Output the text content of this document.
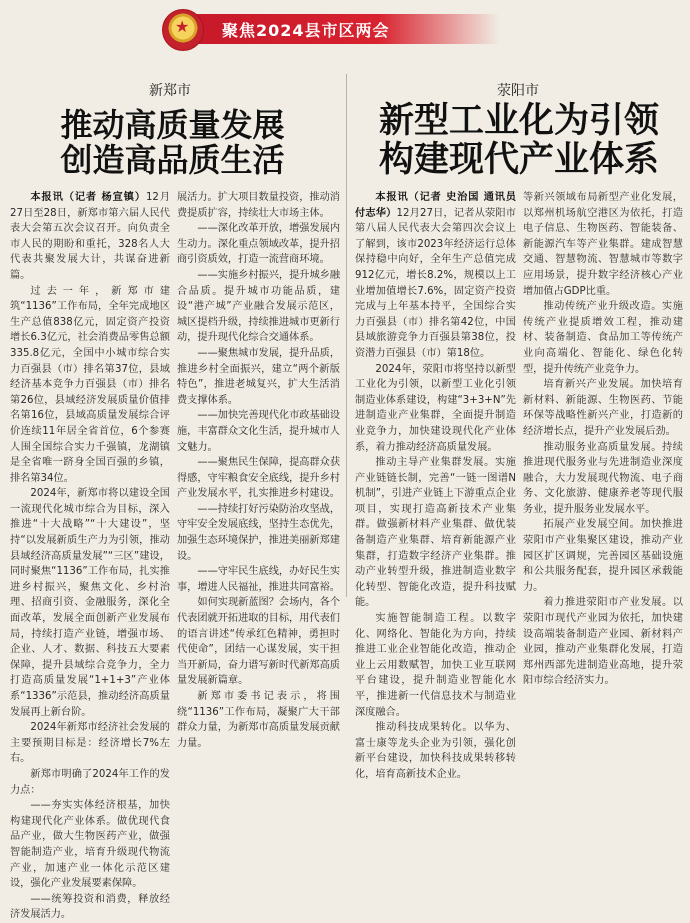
★
聚焦2024县市区两会
新郑市
推动高质量发展
创造高品质生活
荥阳市
新型工业化为引领
构建现代产业体系

本报讯（记者 杨宣镇）12月27日至28日，新郑市第六届人民代表大会第五次会议召开。向负责全市人民的期盼和重托，328名人大代表共聚发展大计，共谋奋进新篇。

过去一年，新郑市建筑“1136”工作布局，全年完成地区生产总值838亿元，固定资产投资增长6.3亿元，社会消费品零售总额335.8亿元，全国中小城市综合实力百强县（市）排名第37位，县域经济基本竞争力百强县（市）排名第26位，县域经济发展质量价值排名第16位，县域高质量发展综合评价连续11年居全省首位，6个参赛人围全国综合实力千强镇，龙湖镇是全省唯一跻身全国百强的乡镇，排名第34位。

2024年，新郑市将以建设全国一流现代化城市综合为目标，深入推进“十大战略”“十大建设”，坚持“以发展新质生产力为引领，推动县域经济高质量发展”“三区”建设，同时聚焦“1136”工作布局，扎实推进乡村振兴，聚焦文化、乡村治理、招商引资、金融服务，深化全面改革，发展全面创新产业发展布局，持续打造产业链，增强市场、企业、人才、数据、科技五大要素保障，提升县域综合竞争力，全力打造高质量发展“1+1+3”产业体系“1336”示范县，推动经济高质量发展再上新台阶。

2024年新郑市经济社会发展的主要预期目标是：经济增长7%左右。

新郑市明确了2024年工作的发力点：

——夯实实体经济根基，加快构建现代化产业体系。做优现代食品产业，做大生物医药产业，做强智能制造产业，培育升级现代物流产业，加速产业一体化示范区建设，强化产业发展要素保障。

——统筹投资和消费，释放经济发展活力。

展活力。扩大项目数量投资，推动消费提质扩容，持续壮大市场主体。

——深化改革开放，增强发展内生动力。深化重点领域改革，提升招商引资质效，打造一流营商环境。

——实施乡村振兴，提升城乡融合品质。提升城市功能品质，建设“港产城”产业融合发展示范区，城区提档升级，持续推进城市更新行动，提升现代化综合交通体系。

——聚焦城市发展，提升品质，推进乡村全面振兴，建立“两个新版特色”，推进老城复兴，扩大生活消费支撑体系。

——加快完善现代化市政基础设施，丰富群众文化生活，提升城市人文魅力。

——聚焦民生保障，提高群众获得感，守牢粮食安全底线，提升乡村产业发展水平，扎实推进乡村建设。

——持续打好污染防治攻坚战，守牢安全发展底线，坚持生态优先，加强生态环境保护，推进美丽新郑建设。

——守牢民生底线，办好民生实事，增进人民福祉，推进共同富裕。

如何实现新蓝图？会场内，各个代表团就开拓进取的目标，用代表们的语言讲述“传承红色精神，勇担时代使命”，团结一心谋发展，实干担当开新局，奋力谱写新时代新郑高质量发展新篇章。

新郑市委书记表示，将围绕“1136”工作布局，凝聚广大干部群众力量，为新郑市高质量发展贡献力量。

本报讯（记者 史治国 通讯员 付志华）12月27日，记者从荥阳市第八届人民代表大会第四次会议上了解到，该市2023年经济运行总体保持稳中向好，全年生产总值完成912亿元，增长8.2%，规模以上工业增加值增长7.6%，固定资产投资完成与上年基本持平，全国综合实力百强县（市）排名第42位，中国县域旅游竞争力百强县第38位，投资潜力百强县（市）第18位。

2024年，荥阳市将坚持以新型工业化为引领，以新型工业化引领制造业体系建设，构建“3+3+N”先进制造业产业集群，全面提升制造业竞争力，加快建设现代化产业体系，着力推动经济高质量发展。

推动主导产业集群发展。实施产业链链长制，完善“一链一图谱N机制”，引进产业链上下游重点企业项目，实现打造高新技术产业集群。做强新材料产业集群、做优装备制造产业集群、培育新能源产业集群，打造数字经济产业集群。推动产业转型升级，推进制造业数字化转型、智能化改造，提升科技赋能。

实施智能制造工程。以数字化、网络化、智能化为方向，持续推进工业企业智能化改造，推动企业上云用数赋智，加快工业互联网平台建设，提升制造业智能化水平，推进新一代信息技术与制造业深度融合。

推动科技成果转化。以华为、富士康等龙头企业为引领，强化创新平台建设，加快科技成果转移转化，培育高新技术企业。

等新兴领域布局新型产业化发展，以郑州机场航空港区为依托，打造电子信息、生物医药、智能装备、新能源汽车等产业集群。建成智慧交通、智慧物流、智慧城市等数字应用场景，提升数字经济核心产业增加值占GDP比重。

推动传统产业升级改造。实施传统产业提质增效工程，推动建材、装备制造、食品加工等传统产业向高端化、智能化、绿色化转型，提升传统产业竞争力。

培育新兴产业发展。加快培育新材料、新能源、生物医药、节能环保等战略性新兴产业，打造新的经济增长点，提升产业发展后劲。

推动服务业高质量发展。持续推进现代服务业与先进制造业深度融合，大力发展现代物流、电子商务、文化旅游、健康养老等现代服务业，提升服务业发展水平。

拓展产业发展空间。加快推进荥阳市产业集聚区建设，推动产业园区扩区调规，完善园区基础设施和公共服务配套，提升园区承载能力。

着力推进荥阳市产业发展。以荥阳市现代产业园为依托，加快建设高端装备制造产业园、新材料产业园，推动产业集群化发展，打造郑州西部先进制造业高地，提升荥阳市综合经济实力。
